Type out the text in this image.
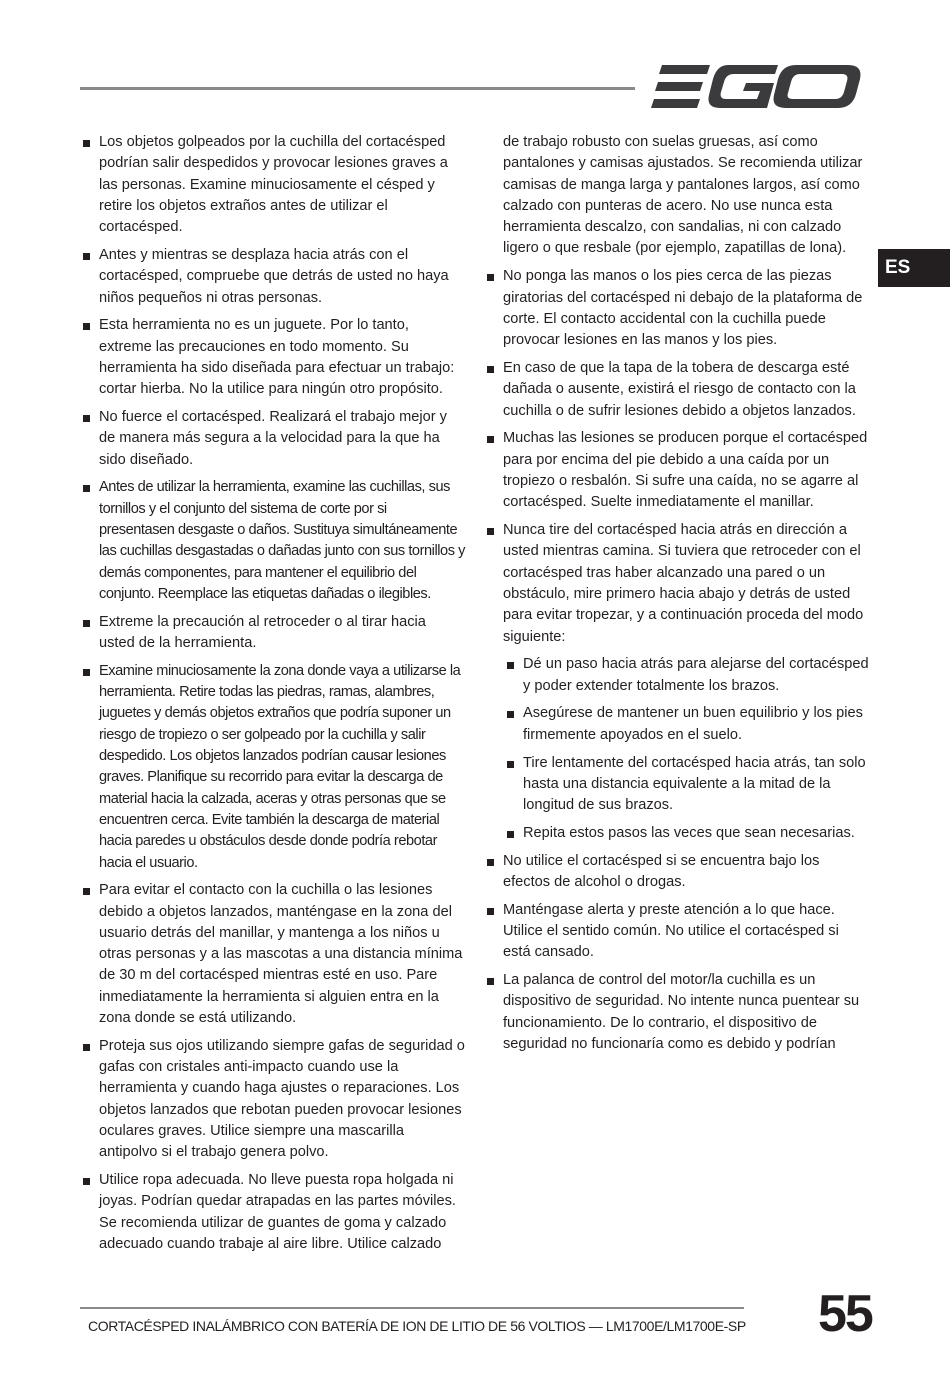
ES
Los objetos golpeados por la cuchilla del cortacésped podrían salir despedidos y provocar lesiones graves a las personas. Examine minuciosamente el césped y retire los objetos extraños antes de utilizar el cortacésped.
Antes y mientras se desplaza hacia atrás con el cortacésped, compruebe que detrás de usted no haya niños pequeños ni otras personas.
Esta herramienta no es un juguete. Por lo tanto, extreme las precauciones en todo momento. Su herramienta ha sido diseñada para efectuar un trabajo: cortar hierba. No la utilice para ningún otro propósito.
No fuerce el cortacésped. Realizará el trabajo mejor y de manera más segura a la velocidad para la que ha sido diseñado.
Antes de utilizar la herramienta, examine las cuchillas, sus tornillos y el conjunto del sistema de corte por si presentasen desgaste o daños. Sustituya simultáneamente las cuchillas desgastadas o dañadas junto con sus tornillos y demás componentes, para mantener el equilibrio del conjunto. Reemplace las etiquetas dañadas o ilegibles.
Extreme la precaución al retroceder o al tirar hacia usted de la herramienta.
Examine minuciosamente la zona donde vaya a utilizarse la herramienta. Retire todas las piedras, ramas, alambres, juguetes y demás objetos extraños que podría suponer un riesgo de tropiezo o ser golpeado por la cuchilla y salir despedido. Los objetos lanzados podrían causar lesiones graves. Planifique su recorrido para evitar la descarga de material hacia la calzada, aceras y otras personas que se encuentren cerca. Evite también la descarga de material hacia paredes u obstáculos desde donde podría rebotar hacia el usuario.
Para evitar el contacto con la cuchilla o las lesiones debido a objetos lanzados, manténgase en la zona del usuario detrás del manillar, y mantenga a los niños u otras personas y a las mascotas a una distancia mínima de 30 m del cortacésped mientras esté en uso. Pare inmediatamente la herramienta si alguien entra en la zona donde se está utilizando.
Proteja sus ojos utilizando siempre gafas de seguridad o gafas con cristales anti-impacto cuando use la herramienta y cuando haga ajustes o reparaciones. Los objetos lanzados que rebotan pueden provocar lesiones oculares graves. Utilice siempre una mascarilla antipolvo si el trabajo genera polvo.
Utilice ropa adecuada. No lleve puesta ropa holgada ni joyas. Podrían quedar atrapadas en las partes móviles. Se recomienda utilizar de guantes de goma y calzado adecuado cuando trabaje al aire libre. Utilice calzado

de trabajo robusto con suelas gruesas, así como pantalones y camisas ajustados. Se recomienda utilizar camisas de manga larga y pantalones largos, así como calzado con punteras de acero. No use nunca esta herramienta descalzo, con sandalias, ni con calzado ligero o que resbale (por ejemplo, zapatillas de lona).

No ponga las manos o los pies cerca de las piezas giratorias del cortacésped ni debajo de la plataforma de corte. El contacto accidental con la cuchilla puede provocar lesiones en las manos y los pies.
En caso de que la tapa de la tobera de descarga esté dañada o ausente, existirá el riesgo de contacto con la cuchilla o de sufrir lesiones debido a objetos lanzados.
Muchas las lesiones se producen porque el cortacésped para por encima del pie debido a una caída por un tropiezo o resbalón. Si sufre una caída, no se agarre al cortacésped. Suelte inmediatamente el manillar.
Nunca tire del cortacésped hacia atrás en dirección a usted mientras camina. Si tuviera que retroceder con el cortacésped tras haber alcanzado una pared o un obstáculo, mire primero hacia abajo y detrás de usted para evitar tropezar, y a continuación proceda del modo siguiente:
Dé un paso hacia atrás para alejarse del cortacésped y poder extender totalmente los brazos.
Asegúrese de mantener un buen equilibrio y los pies firmemente apoyados en el suelo.
Tire lentamente del cortacésped hacia atrás, tan solo hasta una distancia equivalente a la mitad de la longitud de sus brazos.
Repita estos pasos las veces que sean necesarias.
No utilice el cortacésped si se encuentra bajo los efectos de alcohol o drogas.
Manténgase alerta y preste atención a lo que hace. Utilice el sentido común. No utilice el cortacésped si está cansado.
La palanca de control del motor/la cuchilla es un dispositivo de seguridad. No intente nunca puentear su funcionamiento. De lo contrario, el dispositivo de seguridad no funcionaría como es debido y podrían
CORTACÉSPED INALÁMBRICO CON BATERÍA DE ION DE LITIO DE 56 VOLTIOS — LM1700E/LM1700E-SP 55
